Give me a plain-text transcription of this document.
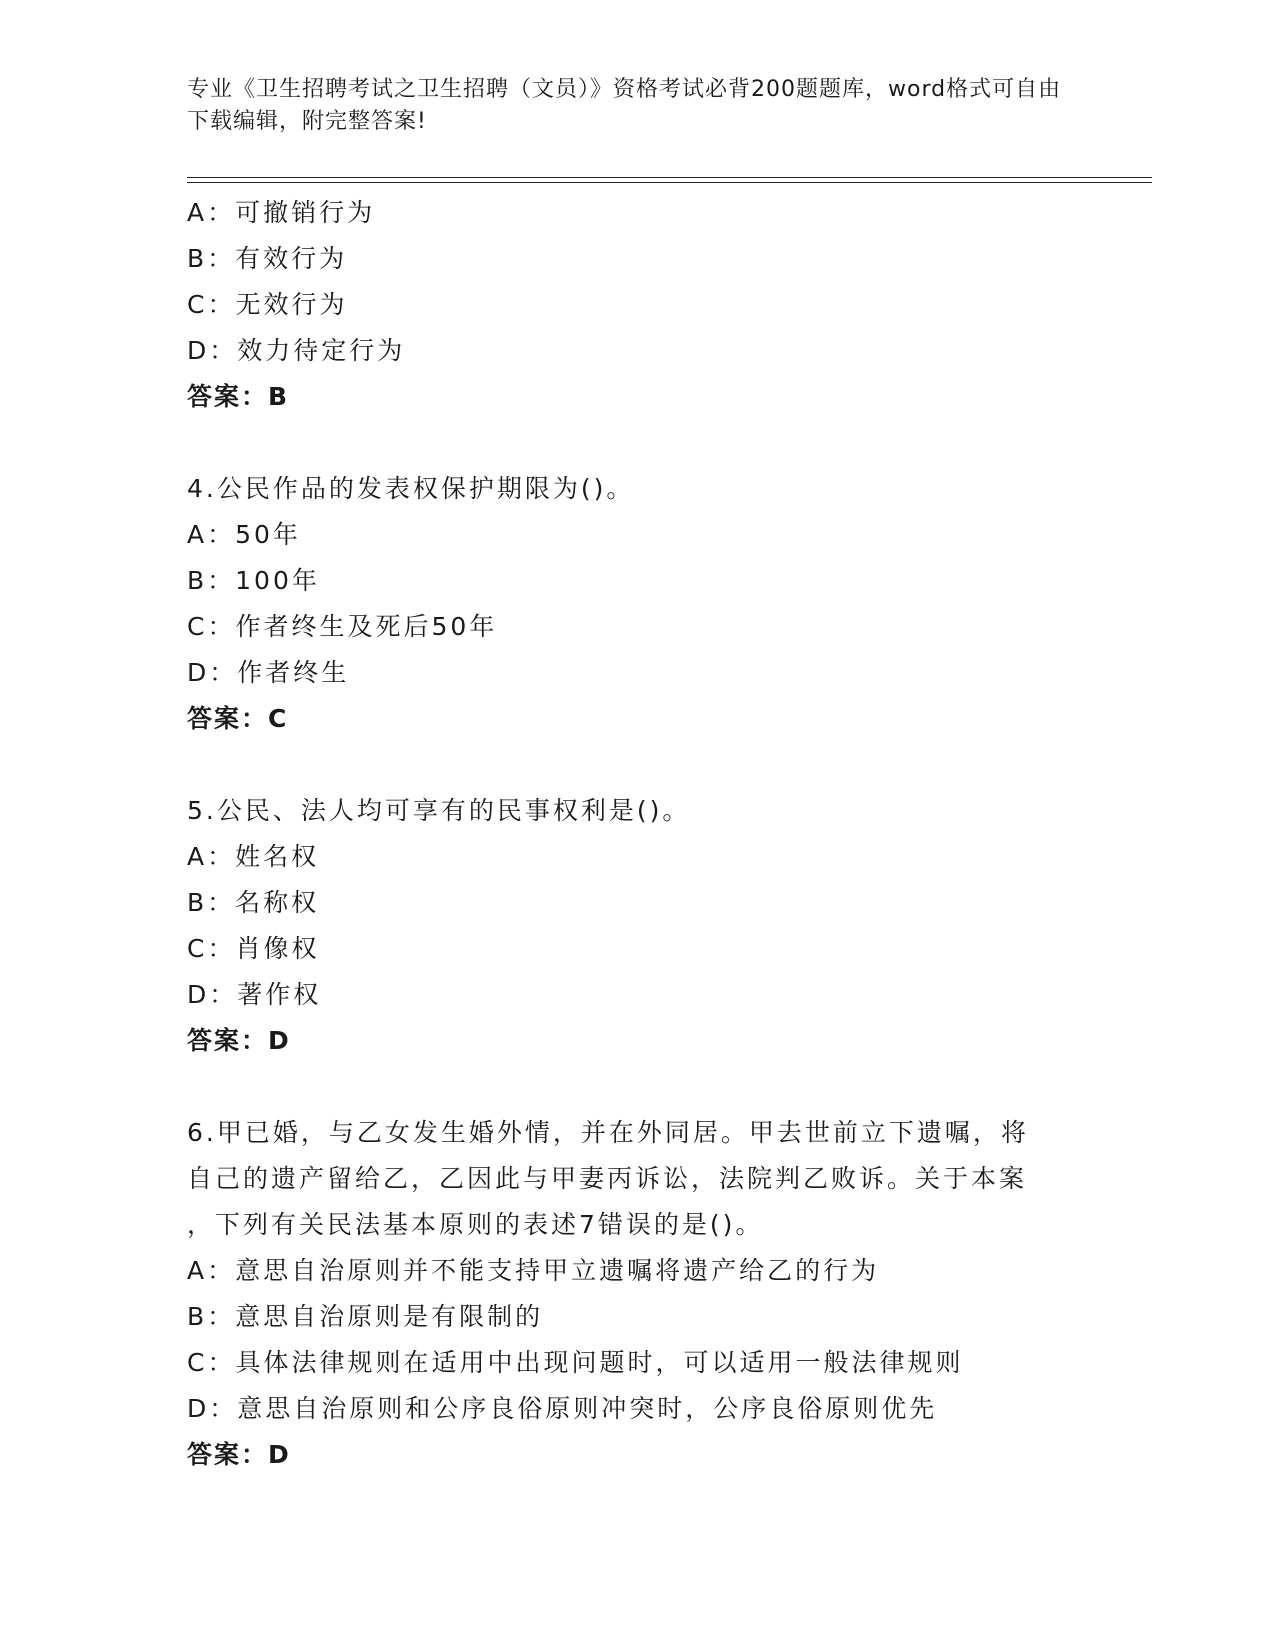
专业《卫生招聘考试之卫生招聘（文员）》资格考试必背200题题库，word格式可自由下载编辑，附完整答案!
A：可撤销行为
B：有效行为
C：无效行为
D：效力待定行为
答案：B
4.公民作品的发表权保护期限为()。
A：50年
B：100年
C：作者终生及死后50年
D：作者终生
答案：C
5.公民、法人均可享有的民事权利是()。
A：姓名权
B：名称权
C：肖像权
D：著作权
答案：D
6.甲已婚，与乙女发生婚外情，并在外同居。甲去世前立下遗嘱，将
自己的遗产留给乙，乙因此与甲妻丙诉讼，法院判乙败诉。关于本案
，下列有关民法基本原则的表述7错误的是()。
A：意思自治原则并不能支持甲立遗嘱将遗产给乙的行为
B：意思自治原则是有限制的
C：具体法律规则在适用中出现问题时，可以适用一般法律规则
D：意思自治原则和公序良俗原则冲突时，公序良俗原则优先
答案：D
